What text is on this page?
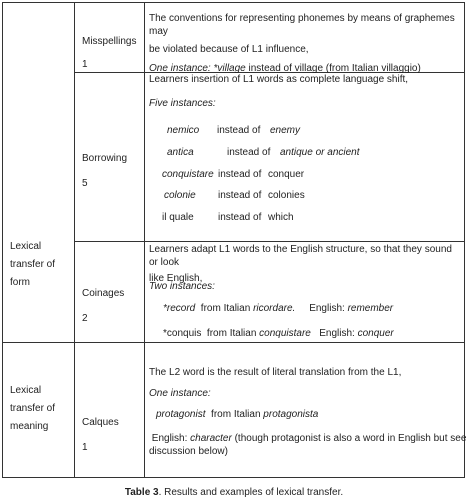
Lexical
transfer of
form
Lexical
transfer of
meaning
Misspellings
1
The conventions for representing phonemes by means of graphemes may
be violated because of L1 influence,
One instance: *village instead of village (from Italian villaggio)
Borrowing
5
Learners insertion of L1 words as complete language shift,
Five instances:
nemico instead of enemy
antica	instead of antique or ancient
conquistare instead of conquer
colonie instead of colonies
il quale instead of which
Coinages
2
Learners adapt L1 words to the English structure, so that they sound or look
like English,
Two instances:
*record  from Italian ricordare.     English: remember
*conquis  from Italian conquistare   English: conquer
Calques
1
The L2 word is the result of literal translation from the L1,
One instance:
protagonist  from Italian protagonista
English: character (though protagonist is also a word in English but see
discussion below)
Table 3. Results and examples of lexical transfer.
